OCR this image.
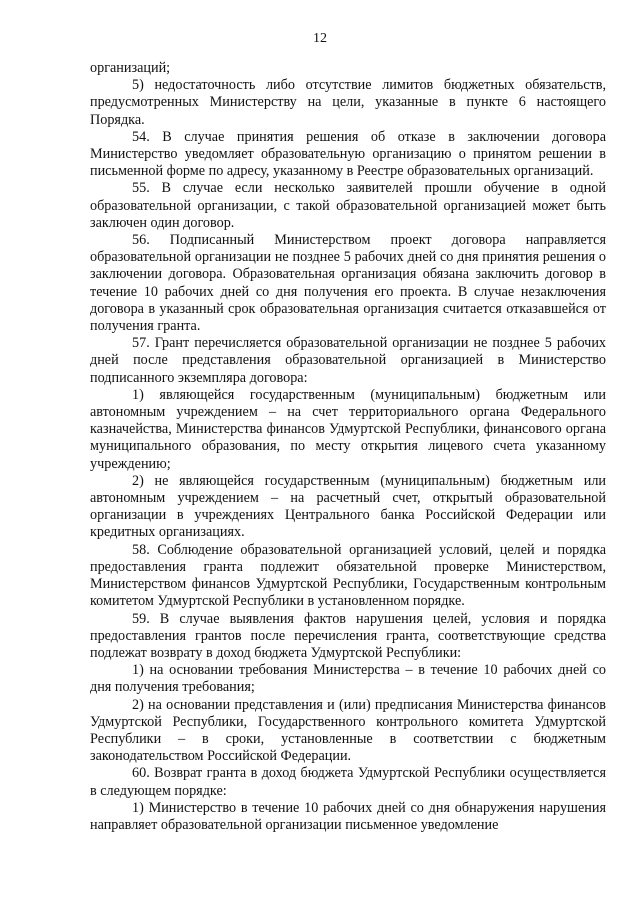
12

организаций;

5) недостаточность либо отсутствие лимитов бюджетных обязательств, предусмотренных Министерству на цели, указанные в пункте 6 настоящего Порядка.

54. В случае принятия решения об отказе в заключении договора Министерство уведомляет образовательную организацию о принятом решении в письменной форме по адресу, указанному в Реестре образовательных организаций.

55. В случае если несколько заявителей прошли обучение в одной образовательной организации, с такой образовательной организацией может быть заключен один договор.

56. Подписанный Министерством проект договора направляется образовательной организации не позднее 5 рабочих дней со дня принятия решения о заключении договора. Образовательная организация обязана заключить договор в течение 10 рабочих дней со дня получения его проекта. В случае незаключения договора в указанный срок образовательная организация считается отказавшейся от получения гранта.

57. Грант перечисляется образовательной организации не позднее 5 рабочих дней после представления образовательной организацией в Министерство подписанного экземпляра договора:

1) являющейся государственным (муниципальным) бюджетным или автономным учреждением – на счет территориального органа Федерального казначейства, Министерства финансов Удмуртской Республики, финансового органа муниципального образования, по месту открытия лицевого счета указанному учреждению;

2) не являющейся государственным (муниципальным) бюджетным или автономным учреждением – на расчетный счет, открытый образовательной организации в учреждениях Центрального банка Российской Федерации или кредитных организациях.

58. Соблюдение образовательной организацией условий, целей и порядка предоставления гранта подлежит обязательной проверке Министерством, Министерством финансов Удмуртской Республики, Государственным контрольным комитетом Удмуртской Республики в установленном порядке.

59. В случае выявления фактов нарушения целей, условия и порядка предоставления грантов после перечисления гранта, соответствующие средства подлежат возврату в доход бюджета Удмуртской Республики:

1) на основании требования Министерства – в течение 10 рабочих дней со дня получения требования;

2) на основании представления и (или) предписания Министерства финансов Удмуртской Республики, Государственного контрольного комитета Удмуртской Республики – в сроки, установленные в соответствии с бюджетным законодательством Российской Федерации.

60. Возврат гранта в доход бюджета Удмуртской Республики осуществляется в следующем порядке:

1) Министерство в течение 10 рабочих дней со дня обнаружения нарушения направляет образовательной организации письменное уведомление
